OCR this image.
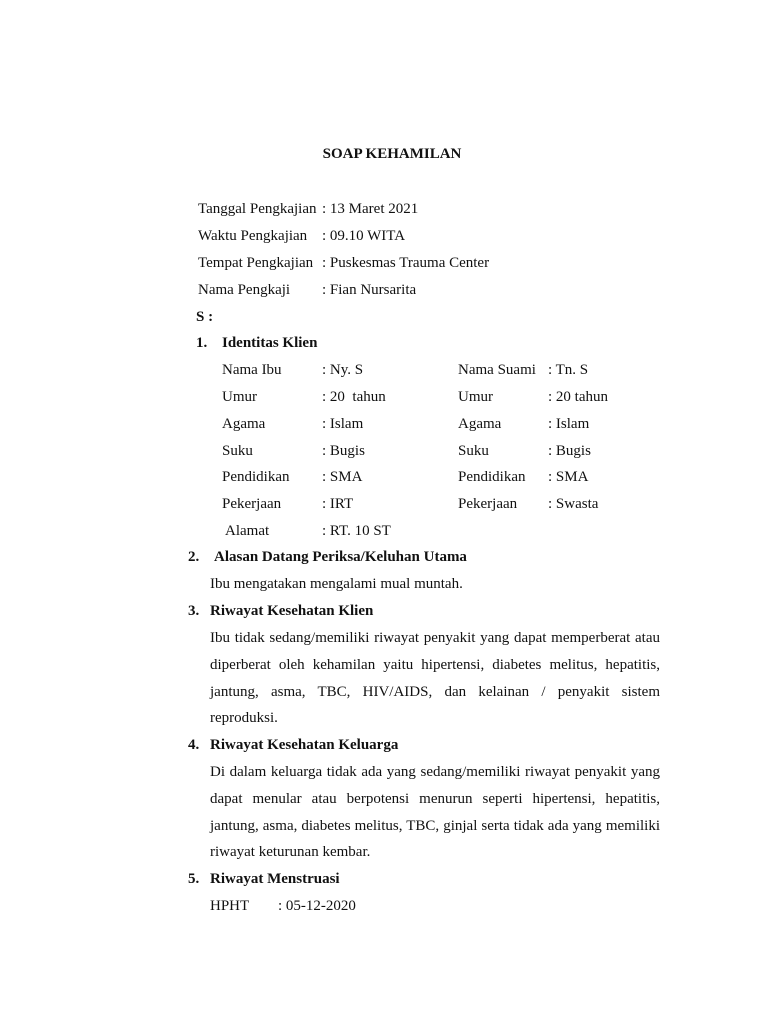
SOAP KEHAMILAN
Tanggal Pengkajian : 13 Maret 2021
Waktu Pengkajian : 09.10 WITA
Tempat Pengkajian : Puskesmas Trauma Center
Nama Pengkaji : Fian Nursarita
S :
1. Identitas Klien
Nama Ibu	: Ny. S	Nama Suami : Tn. S
Umur	: 20  tahun	Umur	: 20 tahun
Agama	: Islam	Agama	: Islam
Suku	: Bugis	Suku	: Bugis
Pendidikan : SMA	Pendidikan : SMA
Pekerjaan	: IRT	Pekerjaan : Swasta
Alamat	: RT. 10 ST
2. Alasan Datang Periksa/Keluhan Utama
Ibu mengatakan mengalami mual muntah.
3. Riwayat Kesehatan Klien
Ibu tidak sedang/memiliki riwayat penyakit yang dapat memperberat atau
diperberat oleh kehamilan yaitu hipertensi, diabetes melitus, hepatitis,
jantung, asma, TBC, HIV/AIDS, dan kelainan / penyakit sistem
reproduksi.
4. Riwayat Kesehatan Keluarga
Di dalam keluarga tidak ada yang sedang/memiliki riwayat penyakit yang
dapat menular atau berpotensi menurun seperti hipertensi, hepatitis,
jantung, asma, diabetes melitus, TBC, ginjal serta tidak ada yang memiliki
riwayat keturunan kembar.
5. Riwayat Menstruasi
HPHT : 05-12-2020
